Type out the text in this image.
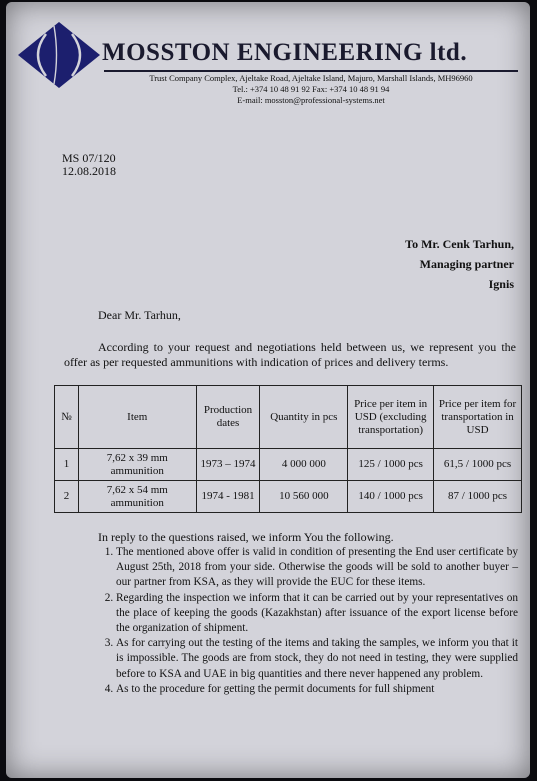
MOSSTON ENGINEERING ltd.
Trust Company Complex, Ajeltake Road, Ajeltake Island, Majuro, Marshall Islands, MH96960
Tel.: +374 10 48 91 92 Fax: +374 10 48 91 94
E-mail: mosston@professional-systems.net
MS 07/120
12.08.2018
To Mr. Cenk Tarhun,
Managing partner
Ignis
Dear Mr. Tarhun,
According to your request and negotiations held between us, we represent you the offer as per requested ammunitions with indication of prices and delivery terms.
№	Item	Production dates	Quantity in pcs	Price per item in USD (excluding transportation)	Price per item for transportation in USD
1	7,62 x 39 mm ammunition	1973 – 1974	4 000 000	125 / 1000 pcs	61,5 / 1000 pcs
2	7,62 x 54 mm ammunition	1974 - 1981	10 560 000	140 / 1000 pcs	87 / 1000 pcs
In reply to the questions raised, we inform You the following.
1. The mentioned above offer is valid in condition of presenting the End user certificate by August 25th, 2018 from your side. Otherwise the goods will be sold to another buyer – our partner from KSA, as they will provide the EUC for these items.
2. Regarding the inspection we inform that it can be carried out by your representatives on the place of keeping the goods (Kazakhstan) after issuance of the export license before the organization of shipment.
3. As for carrying out the testing of the items and taking the samples, we inform you that it is impossible. The goods are from stock, they do not need in testing, they were supplied before to KSA and UAE in big quantities and there never happened any problem.
4. As to the procedure for getting the permit documents for full shipment
